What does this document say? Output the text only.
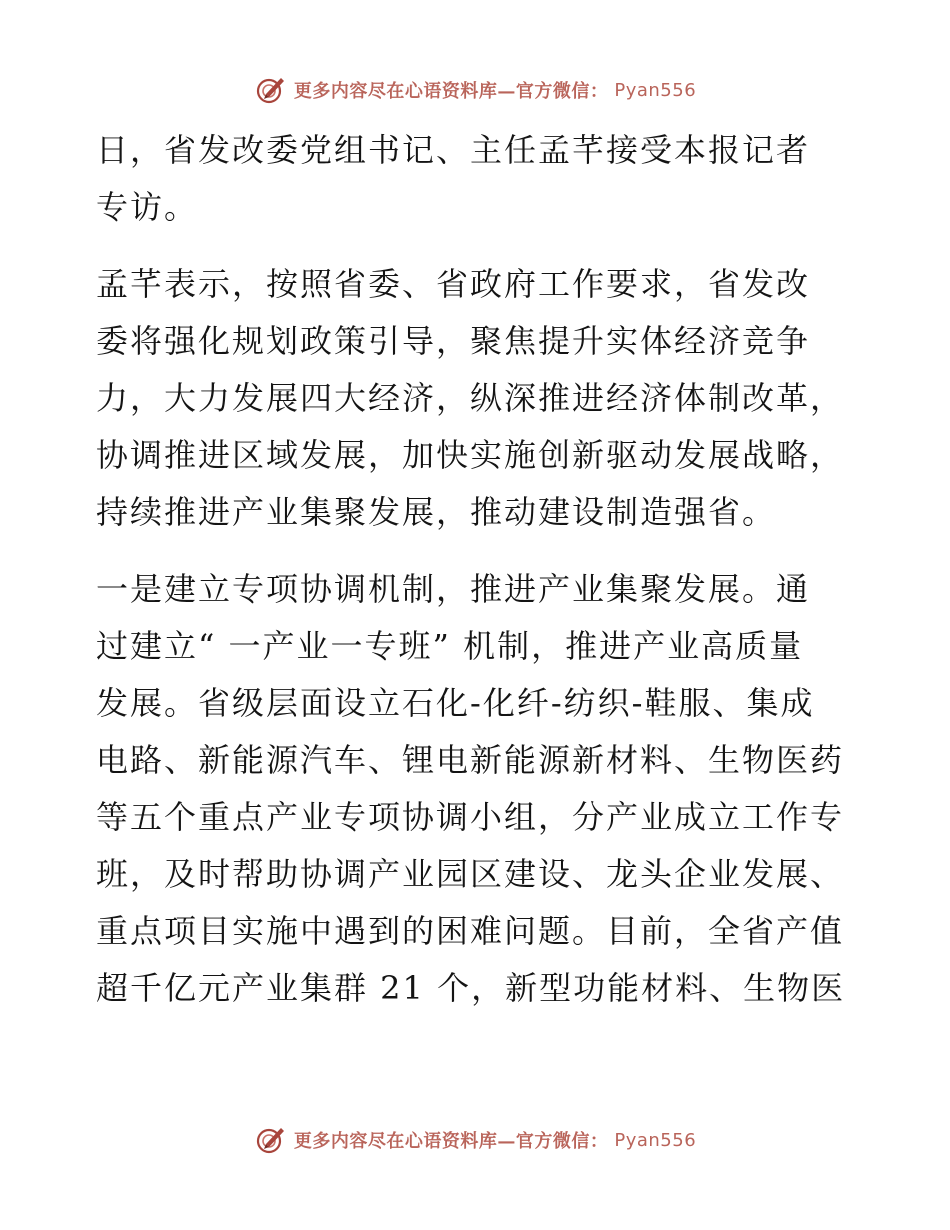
更多内容尽在心语资料库—官方微信： Pyan556
日，省发改委党组书记、主任孟芊接受本报记者
专访。
孟芊表示，按照省委、省政府工作要求，省发改
委将强化规划政策引导，聚焦提升实体经济竞争
力，大力发展四大经济，纵深推进经济体制改革，
协调推进区域发展，加快实施创新驱动发展战略，
持续推进产业集聚发展，推动建设制造强省。
一是建立专项协调机制，推进产业集聚发展。通
过建立“ 一产业一专班” 机制，推进产业高质量
发展。省级层面设立石化-化纤-纺织-鞋服、集成
电路、新能源汽车、锂电新能源新材料、生物医药
等五个重点产业专项协调小组，分产业成立工作专
班，及时帮助协调产业园区建设、龙头企业发展、
重点项目实施中遇到的困难问题。目前，全省产值
超千亿元产业集群 21 个，新型功能材料、生物医
更多内容尽在心语资料库—官方微信： Pyan556
